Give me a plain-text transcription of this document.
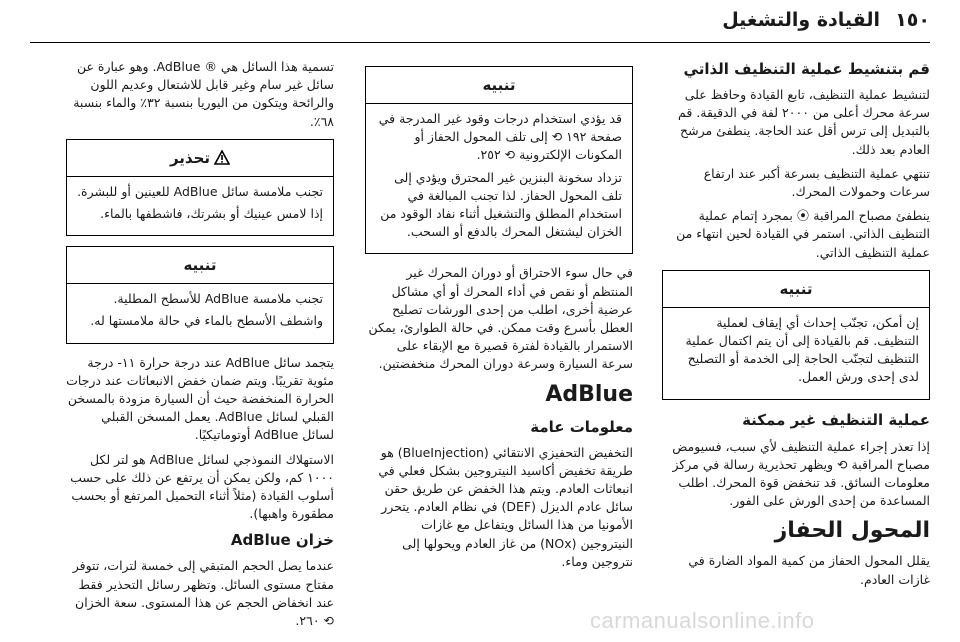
١٥٠
القيادة والتشغيل
قم بتنشيط عملية التنظيف الذاتي

لتنشيط عملية التنظيف، تابع القيادة وحافظ على سرعة محرك أعلى من ٢٠٠٠ لفة في الدقيقة. قم بالتبديل إلى ترس أقل عند الحاجة. ينطفئ مرشح العادم بعد ذلك.

تنتهي عملية التنظيف بسرعة أكبر عند ارتفاع سرعات وحمولات المحرك.

ينطفئ مصباح المراقبة ⦿ بمجرد إتمام عملية التنظيف الذاتي. استمر في القيادة لحين انتهاء من عملية التنظيف الذاتي.

تنبيه

إن أمكن، تجنّب إحداث أي إيقاف لعملية التنظيف. قم بالقيادة إلى أن يتم اكتمال عملية التنظيف لتجنّب الحاجة إلى الخدمة أو التصليح لدى إحدى ورش العمل.

عملية التنظيف غير ممكنة

إذا تعذر إجراء عملية التنظيف لأي سبب، فسيومض مصباح المراقبة ⟲ ويظهر تحذيرية رسالة في مركز معلومات السائق. قد تنخفض قوة المحرك. اطلب المساعدة من إحدى الورش على الفور.

المحول الحفاز

يقلل المحول الحفاز من كمية المواد الضارة في غازات العادم.

تنبيه

قد يؤدي استخدام درجات وقود غير المدرجة في صفحة ١٩٢ ⟲ إلى تلف المحول الحفاز أو المكونات الإلكترونية ⟲ ٢٥٢.

تزداد سخونة البنزين غير المحترق ويؤدي إلى تلف المحول الحفاز. لذا تجنب المبالغة في استخدام المطلق والتشغيل أثناء نفاد الوقود من الخزان ليشتغل المحرك بالدفع أو السحب.

في حال سوء الاحتراق أو دوران المحرك غير المنتظم أو نقص في أداء المحرك أو أي مشاكل عرضية أخرى، اطلب من إحدى الورشات تصليح العطل بأسرع وقت ممكن. في حالة الطوارئ، يمكن الاستمرار بالقيادة لفترة قصيرة مع الإبقاء على سرعة السيارة وسرعة دوران المحرك منخفضتين.

AdBlue
معلومات عامة

التخفيض التحفيزي الانتقائي (BlueInjection) هو طريقة تخفيض أكاسيد النيتروجين بشكل فعلي في انبعاثات العادم. ويتم هذا الخفض عن طريق حقن سائل عادم الديزل (DEF) في نظام العادم. يتحرر الأمونيا من هذا السائل ويتفاعل مع غازات النيتروجين (NOx) من غاز العادم ويحولها إلى نتروجين وماء.

تسمية هذا السائل هي ® AdBlue. وهو عبارة عن سائل غير سام وغير قابل للاشتعال وعديم اللون والرائحة ويتكون من اليوريا بنسبة ٣٢٪ والماء بنسبة ٦٨٪.

تحذير

تجنب ملامسة سائل AdBlue للعينين أو للبشرة.

إذا لامس عينيك أو بشرتك، فاشطفها بالماء.

تنبيه

تجنب ملامسة AdBlue للأسطح المطلية.

واشطف الأسطح بالماء في حالة ملامستها له.

يتجمد سائل AdBlue عند درجة حرارة ١١- درجة مئوية تقريبًا. ويتم ضمان خفض الانبعاثات عند درجات الحرارة المنخفضة حيث أن السيارة مزودة بالمسخن القبلي لسائل AdBlue. يعمل المسخن القبلي لسائل AdBlue أوتوماتيكيًا.

الاستهلاك النموذجي لسائل AdBlue هو لتر لكل ١٠٠٠ كم، ولكن يمكن أن يرتفع عن ذلك على حسب أسلوب القيادة (مثلاً أثناء التحميل المرتفع أو بحسب مطقورة واهبها).

خزان AdBlue

عندما يصل الحجم المتبقي إلى خمسة لترات، تتوفر مفتاح مستوى السائل. وتظهر رسائل التحذير فقط عند انخفاض الحجم عن هذا المستوى. سعة الخزان ⟲ ٢٦٠.	carmanualsonline.info
